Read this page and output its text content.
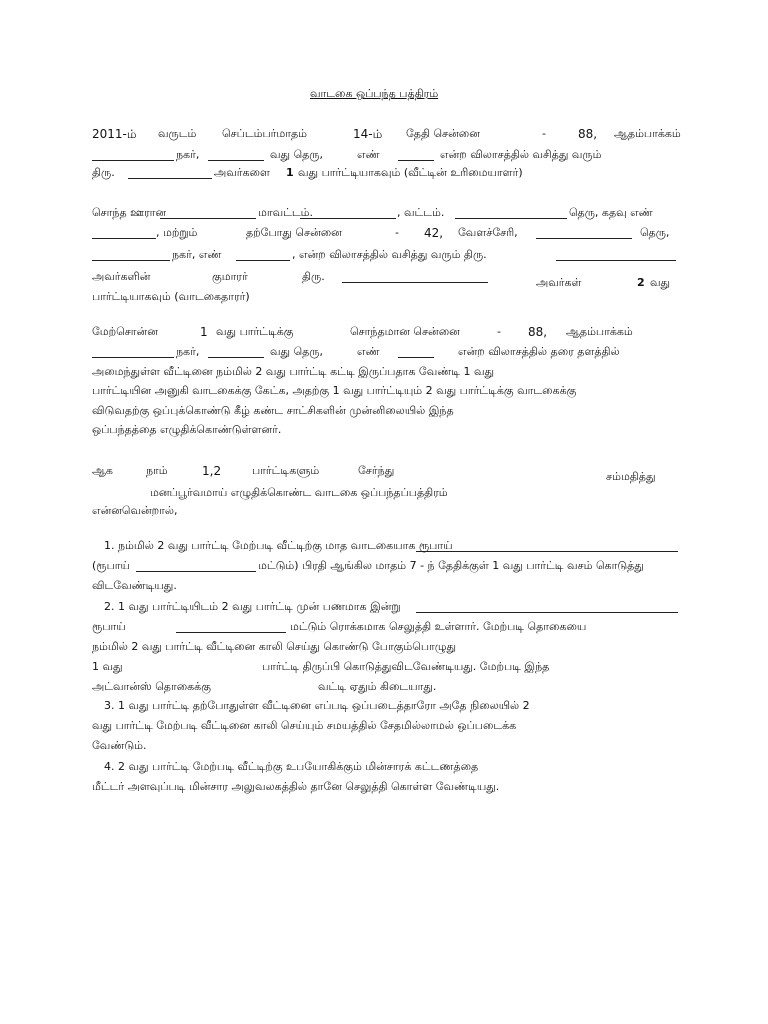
வாடகை ஒப்பந்த பத்திரம்
2011-ம் வருடம் செப்டம்பர்மாதம்	14-ம் தேதி சென்னை	-	88, ஆதம்பாக்கம்
நகர்,	வது தெரு,	எண்	என்ற விலாசத்தில் வசித்து வரும்
திரு.	அவர்களை 1 வது பார்ட்டியாகவும் (வீட்டின் உரிமையாளர்)
சொந்த ஊரான	மாவட்டம்.	, வட்டம்.	தெரு, கதவு எண்
, மற்றும்	தற்போது சென்னை	- 42, வேளச்சேரி,	தெரு,
நகர், எண்	, என்ற விலாசத்தில் வசித்து வரும் திரு.
அவர்களின்	குமாரர்	திரு.	அவர்கள்	2 வது
பார்ட்டியாகவும் (வாடகைதாரர்)
மேற்சொன்ன	1 வது பார்ட்டிக்கு	சொந்தமான சென்னை	- 88, ஆதம்பாக்கம்
நகர்,	வது தெரு,	எண்	என்ற விலாசத்தில் தரை தளத்தில்
அமைந்துள்ள வீட்டினை நம்மில் 2 வது பார்ட்டி கட்டி இருப்பதாக வேண்டி 1 வது
பார்ட்டியின அனுகி வாடகைக்கு கேட்க, அதற்கு 1 வது பார்ட்டியும் 2 வது பார்ட்டிக்கு வாடகைக்கு
விடுவதற்கு ஒப்புக்கொண்டு கீழ் கண்ட சாட்சிகளின் முன்னிலையில் இந்த
ஒப்பந்தத்தை எழுதிக்கொண்டுள்ளனர்.
ஆக	நாம்	1,2	பார்ட்டிகளும்	சேர்ந்து	சம்மதித்து
மனப்பூர்வமாய் எழுதிக்கொண்ட வாடகை ஒப்பந்தப்பத்திரம்
என்னவென்றால்,
1. நம்மில் 2 வது பார்ட்டி மேற்படி வீட்டிற்கு மாத வாடகையாக ரூபாய்
(ரூபாய்	மட்டும்) பிரதி ஆங்கில மாதம் 7 - ந் தேதிக்குள் 1 வது பார்ட்டி வசம் கொடுத்து
விடவேண்டியது.
2. 1 வது பார்ட்டியிடம் 2 வது பார்ட்டி முன் பணமாக இன்று
ரூபாய்	மட்டும் ரொக்கமாக செலுத்தி உள்ளார். மேற்படி தொகையை
நம்மில் 2 வது பார்ட்டி வீட்டினை காலி செய்து கொண்டு போகும்பொழுது
1 வது	பார்ட்டி திருப்பி கொடுத்துவிடவேண்டியது. மேற்படி இந்த
அட்வான்ஸ் தொகைக்கு	வட்டி ஏதும் கிடையாது.
3. 1 வது பார்ட்டி தற்போதுள்ள வீட்டினை எப்படி ஒப்படைத்தாரோ அதே நிலையில் 2
வது பார்ட்டி மேற்படி வீட்டினை காலி செய்யும் சமயத்தில் சேதமில்லாமல் ஒப்படைக்க
வேண்டும்.
4. 2 வது பார்ட்டி மேற்படி வீட்டிற்கு உபயோகிக்கும் மின்சாரக் கட்டணத்தை
மீட்டர் அளவுப்படி மின்சார அலுவலகத்தில் தானே செலுத்தி கொள்ள வேண்டியது.
